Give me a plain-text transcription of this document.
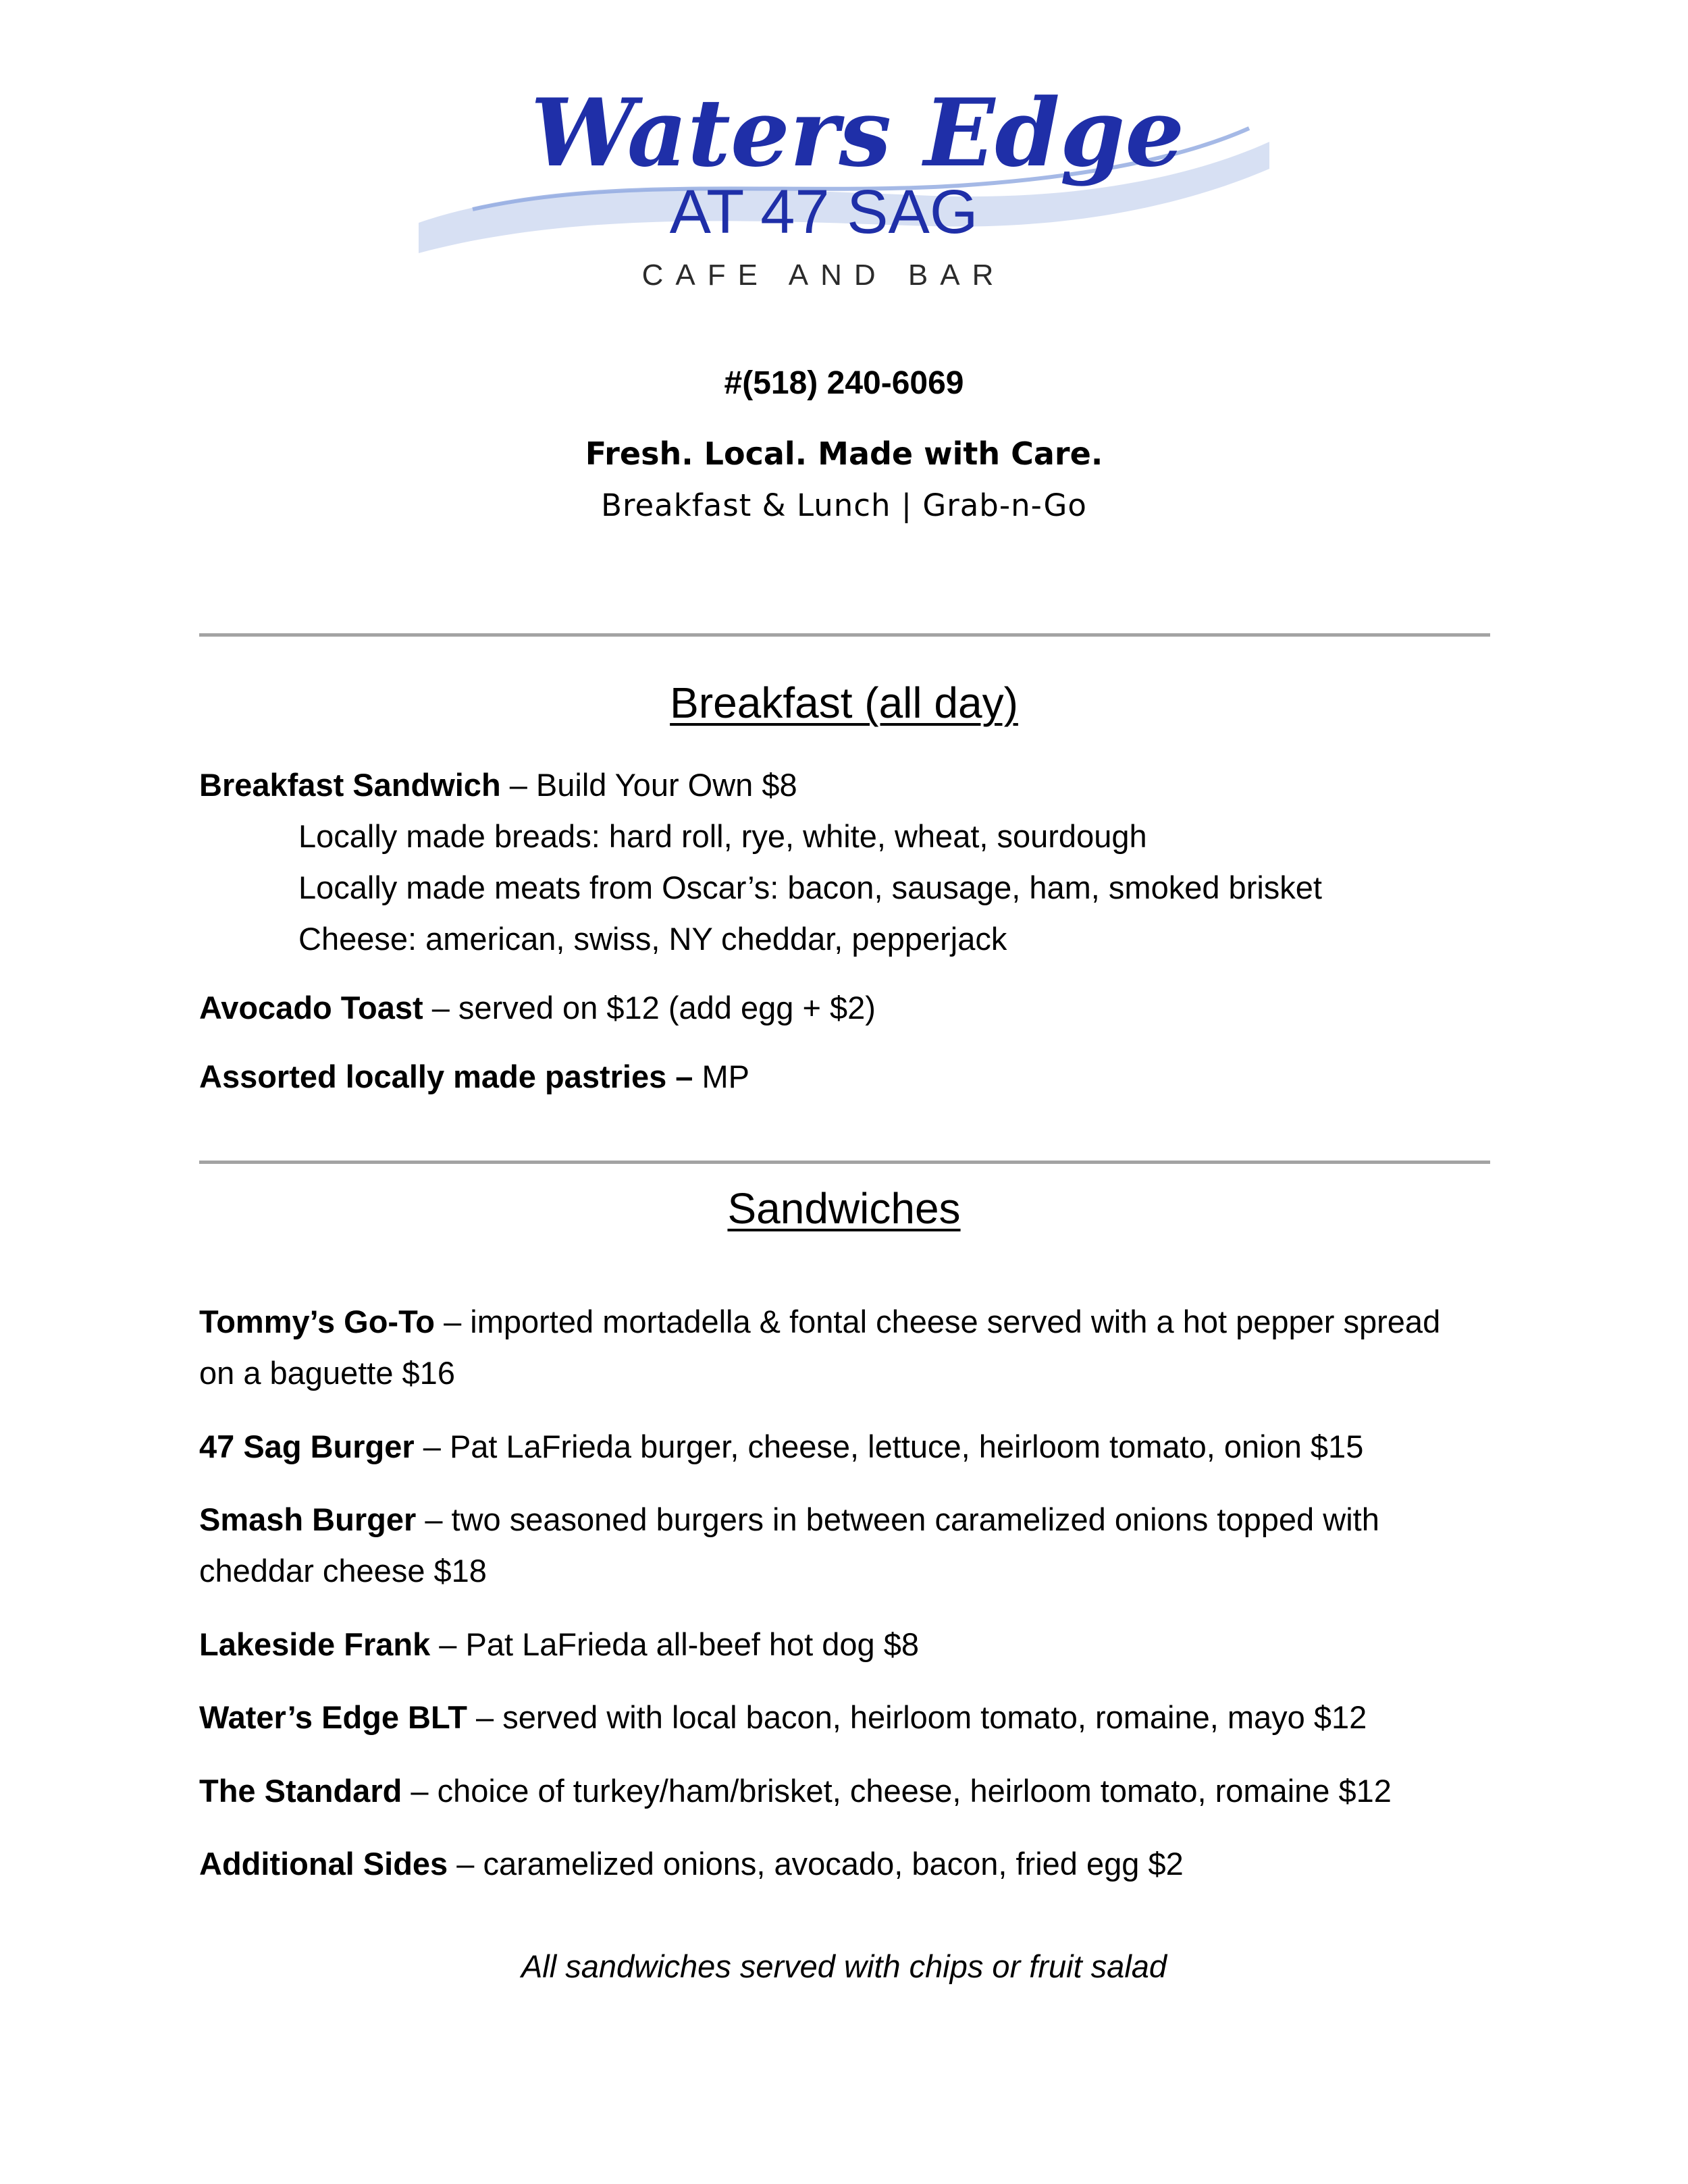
Waters Edge
AT 47 SAG
CAFE AND BAR
#(518) 240-6069
Fresh. Local. Made with Care.
Breakfast & Lunch | Grab-n-Go
Breakfast (all day)
Breakfast Sandwich – Build Your Own $8
Locally made breads: hard roll, rye, white, wheat, sourdough
Locally made meats from Oscar’s: bacon, sausage, ham, smoked brisket
Cheese: american, swiss, NY cheddar, pepperjack
Avocado Toast – served on $12 (add egg + $2)
Assorted locally made pastries – MP
Sandwiches
Tommy’s Go-To – imported mortadella & fontal cheese served with a hot pepper spread
on a baguette $16
47 Sag Burger – Pat LaFrieda burger, cheese, lettuce, heirloom tomato, onion $15
Smash Burger – two seasoned burgers in between caramelized onions topped with
cheddar cheese $18
Lakeside Frank – Pat LaFrieda all-beef hot dog $8
Water’s Edge BLT – served with local bacon, heirloom tomato, romaine, mayo $12
The Standard – choice of turkey/ham/brisket, cheese, heirloom tomato, romaine $12
Additional Sides – caramelized onions, avocado, bacon, fried egg $2
All sandwiches served with chips or fruit salad
